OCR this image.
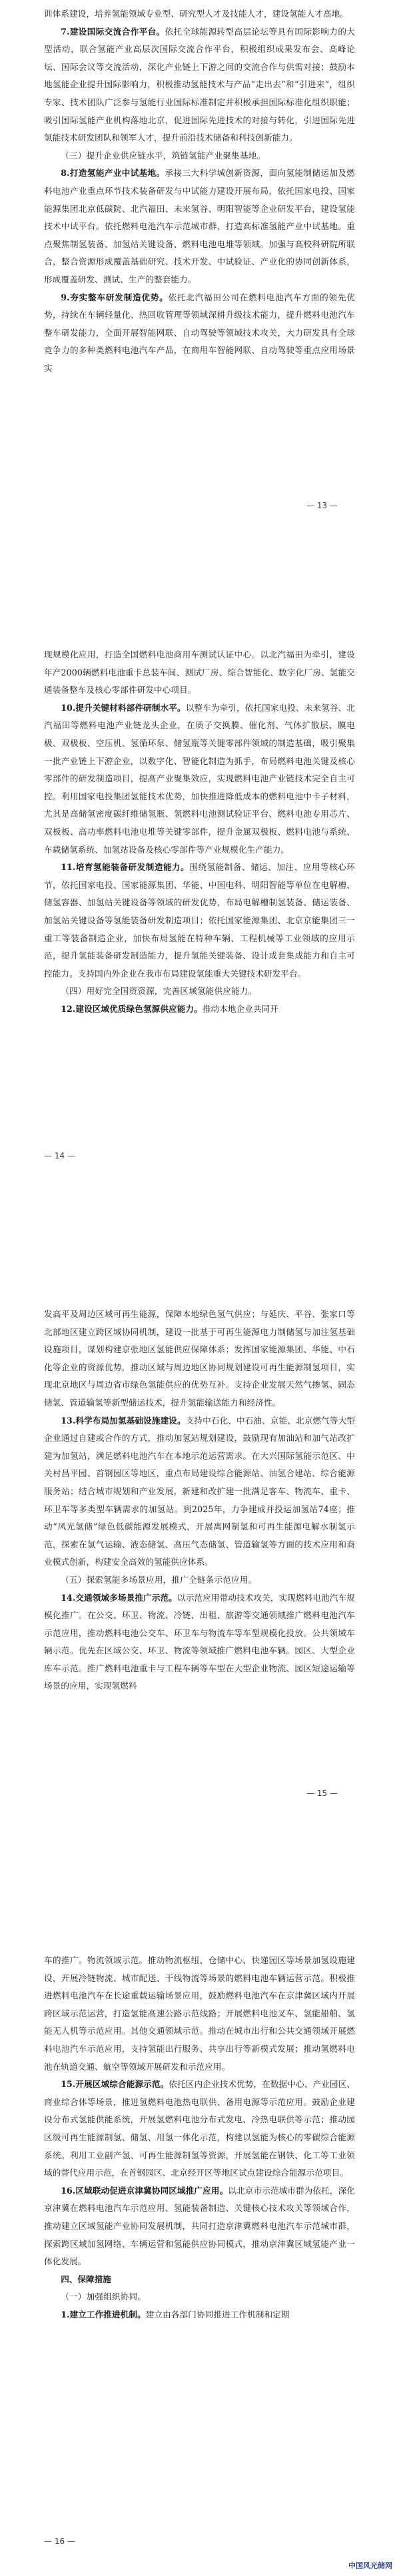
训体系建设，培养氢能领域专业型、研究型人才及技能人才，建设氢能人才高地。

7.建设国际交流合作平台。依托全球能源转型高层论坛等具有国际影响力的大型活动，联合氢能产业高层次国际交流合作平台，积极组织成果发布会、高峰论坛、国际会议等交流活动，深化产业链上下游之间的交流合作与供需对接；鼓励本地氢能企业提升国际影响力，积极推动氢能技术与产品“走出去”和“引进来”，组织专家、技术团队广泛参与氢能行业国际标准制定并积极承担国际标准化组织职能；吸引国际氢能产业机构落地北京，促进国际先进技术的对接与转化，引进国际先进氢能技术研发团队和领军人才，提升前沿技术储备和科技创新能力。

（三）提升企业供应链水平，筑链氢能产业聚集基地。

8.打造氢能产业中试基地。承接三大科学城创新资源，面向氢能制储运加及燃料电池产业重点环节技术装备研发与中试能力建设开展布局，依托国家电投、国家能源集团北京低碳院、北汽福田、未来氢谷、明阳智能等企业研发平台，建设氢能技术中试平台。依托燃料电池汽车示范城市群，打造高标准氢能产业中试基地。重点聚焦制氢装备、加氢站关键设备、燃料电池电堆等领域。加强与高校科研院所联合，整合资源形成覆盖基础研究、技术开发、中试验证、产业化的协同创新体系，形成覆盖研发、测试、生产的整套能力。

9.夯实整车研发制造优势。依托北汽福田公司在燃料电池汽车方面的领先优势，持续在车辆轻量化、热回收管理等领域深耕升级技术能力，提升燃料电池汽车整车研发能力，全面开展智能网联、自动驾驶等领域技术攻关，大力研发具有全球竞争力的多种类燃料电池汽车产品，在商用车智能网联、自动驾驶等重点应用场景实

— 13 —

现规模化应用，打造全国燃料电池商用车测试认证中心。以北汽福田为牵引，建设年产2000辆燃料电池重卡总装车间、测试厂房、综合智能化、数字化厂房、氢能交通装备整车及核心零部件研发中心项目。

10.提升关键材料部件研制水平。以整车为牵引，依托国家电投、未来氢谷、北汽福田等燃料电池产业链龙头企业，在质子交换膜、催化剂、气体扩散层、膜电极、双极板、空压机、氢循环泵、储氢瓶等关键零部件领域的制造基础，吸引聚集一批产业链上下游企业，以数字化、智能化制造为抓手，布局燃料电池关键及核心零部件的研发制造项目，提高产业聚集效应，实现燃料电池产业链技术完全自主可控。利用国家电投集团氢能技术优势，加快推进降低成本的燃料电池中卡子材料，尤其是高储氢密度碳纤维储氢瓶、氢燃料电池测试验证平台、燃料电池专用芯片、双极板、高功率燃料电池电堆等关键零部件，提升金属双极板、燃料电池与系统、车载储氢系统、加氢站设备及核心零部件等产业规模化生产能力。

11.培育氢能装备研发制造能力。围绕氢能制备、储运、加注、应用等核心环节，依托国家电投、国家能源集团、华能、中国电科、明阳智能等单位在电解槽、储氢容器、加氢站关键设备等领域的研发优势，布局电解槽制氢装备、储运装备、加氢站关键设备等氢能装备研发制造项目；依托国家能源集团、北京京能集团三一重工等装备制造企业，加快布局氢能在特种车辆、工程机械等工业领域的应用示范，提升氢能装备研发制造能力，提升氢能关键装备、设计成套集成能力和自主可控能力。支持国内外企业在我市布局建设氢能重大关键技术研发平台。

（四）用好完全国资资源，完善区域氢能供应能力。

12.建设区域优质绿色氢源供应能力。推动本地企业共同开

— 14 —

发高平及周边区域可再生能源，保障本地绿色氢气供应；与延庆、平谷、张家口等北部地区建立跨区域协同机制，建设一批基于可再生能源电力制储氢与加注氢基础设施项目，谋划构建京张地区氢能供应保障体系；发挥国家能源集团、华能、中石化等企业的资源优势，推动区域与周边地区协同规划建设可再生能源制氢项目，实现北京地区与周边省市绿色氢能供应的优势互补。支持企业发展天然气掺氢、固态储氢、管道输氢等新型储运技术，提升氢能输送能力和经济性。

13.科学布局加氢基础设施建设。支持中石化、中石油、京能、北京燃气等大型企业通过自建或合作的方式，推动加氢站规划建设，鼓励现有加油站和加气站改扩建为加氢站，满足燃料电池汽车在本地示范运营需求。在大兴国际氢能示范区、中关村昌平园、首钢园区等地区，重点布局建设综合能源站、油氢合建站、综合能源服务站；结合城市规划和产业发展，新建和改扩建一批满足客车、物流车、重卡、环卫车等多类型车辆需求的加氢站。到2025年，力争建成并投运加氢站74座；推动“风光氢储”绿色低碳能源发展模式，开展离网制氢和可再生能源电解水制氢示范，探索在氢气运输、液态储氢、高压气态储氢、管道输氢等方面的技术应用和商业模式创新，构建安全高效的氢能供应体系。

（五）探索氢能多场景应用，推广全链条示范应用。

14.交通领域多场景推广示范。以示范应用带动技术攻关，实现燃料电池汽车规模化推广。在公交、环卫、物流、冷链、出租、旅游等交通领域推广燃料电池汽车示范应用，推动燃料电池公交车、环卫车与物流车等车型规模化投放。公共领域车辆示范。优先在区域公交、环卫、物流等领域推广燃料电池车辆。园区、大型企业库车示范。推广燃料电池重卡与工程车辆等车型在大型企业物流、园区短途运输等场景的应用，实现氢燃料

— 15 —

车的推广。物流领域示范。推动物流枢纽、仓储中心、快递园区等场景加氢设施建设，开展冷链物流、城市配送、干线物流等场景的燃料电池车辆运营示范。积极推进燃料电池汽车在长途重载运输场景应用，鼓励燃料电池汽车在京津冀区域内开展跨区域示范运营，打造氢能高速公路示范线路；开展燃料电池叉车、氢能船舶、氢能无人机等示范应用。其他交通领域示范。推动在城市出行和公共交通领域开展燃料电池汽车示范应用，支持氢能出行服务、共享出行等新模式发展；推动氢燃料电池在轨道交通、航空等领域开展研发和示范应用。

15.开展区域综合能源示范。依托区内企业技术优势，在数据中心、产业园区、商业综合体等场景，推进氢燃料电池热电联供、备用电源等示范应用。鼓励企业建设分布式氢能供能系统，开展氢燃料电池分布式发电、冷热电联供等示范；推动园区级可再生能源制氢、储氢、用氢一体化示范，构建以氢能为核心的零碳综合能源系统。利用工业副产氢、可再生能源制氢等资源，开展氢能在钢铁、化工等工业领域的替代应用示范，在首钢园区、北京经开区等地区试点建设综合能源示范项目。

16.区域联动促进京津冀协同区域推广应用。以北京市示范城市群为依托，深化京津冀在燃料电池汽车示范应用、氢能装备制造、关键核心技术攻关等领域合作，推动建立区域氢能产业协同发展机制，共同打造京津冀燃料电池汽车示范城市群，探索跨区域加氢网络、车辆运营和氢能供应协同模式，推动京津冀区域氢能产业一体化发展。

四、保障措施

（一）加强组织协同。

1.建立工作推进机制。建立由各部门协同推进工作机制和定期

— 16 —
中国风光储网
